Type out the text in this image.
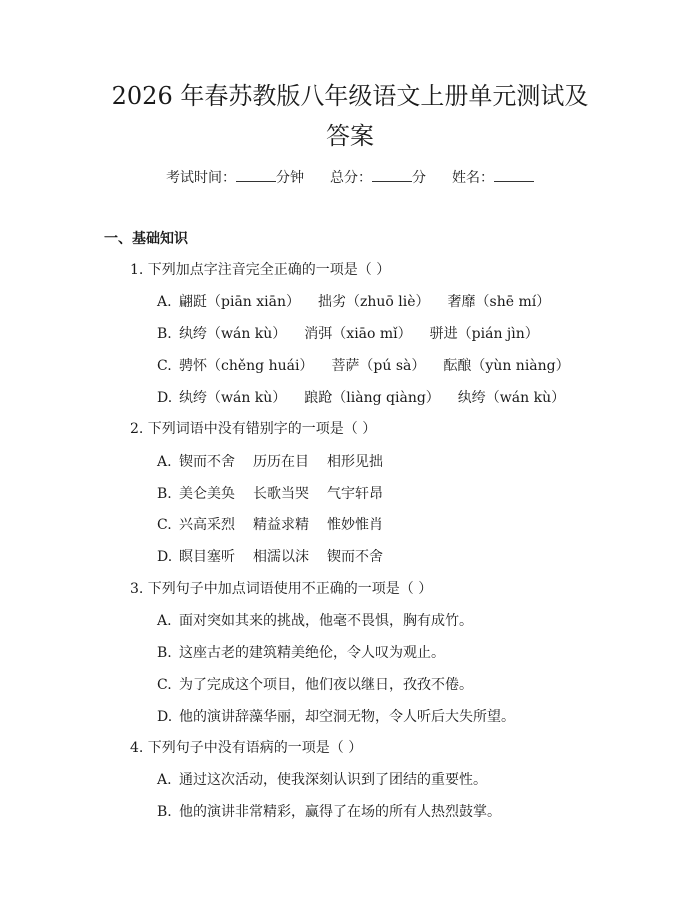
2026 年春苏教版八年级语文上册单元测试及
答案
考试时间：	分钟 总分：	分 姓名：
一、基础知识
1. 下列加点字注音完全正确的一项是（ ）
A. 翩跹（piān xiān） 拙劣（zhuō liè） 奢靡（shē mí）
B. 纨绔（wán kù） 消弭（xiāo mǐ） 骈进（pián jìn）
C. 骋怀（chěng huái） 菩萨（pú sà） 酝酿（yùn niàng）
D. 纨绔（wán kù） 踉跄（liàng qiàng） 纨绔（wán kù）
2. 下列词语中没有错别字的一项是（ ）
A. 锲而不舍 历历在目 相形见拙
B. 美仑美奂 长歌当哭 气宇轩昂
C. 兴高采烈 精益求精 惟妙惟肖
D. 瞑目塞听 相濡以沫 锲而不舍
3. 下列句子中加点词语使用不正确的一项是（ ）
A. 面对突如其来的挑战，他毫不畏惧，胸有成竹。
B. 这座古老的建筑精美绝伦，令人叹为观止。
C. 为了完成这个项目，他们夜以继日，孜孜不倦。
D. 他的演讲辞藻华丽，却空洞无物，令人听后大失所望。
4. 下列句子中没有语病的一项是（ ）
A. 通过这次活动，使我深刻认识到了团结的重要性。
B. 他的演讲非常精彩，赢得了在场的所有人热烈鼓掌。
